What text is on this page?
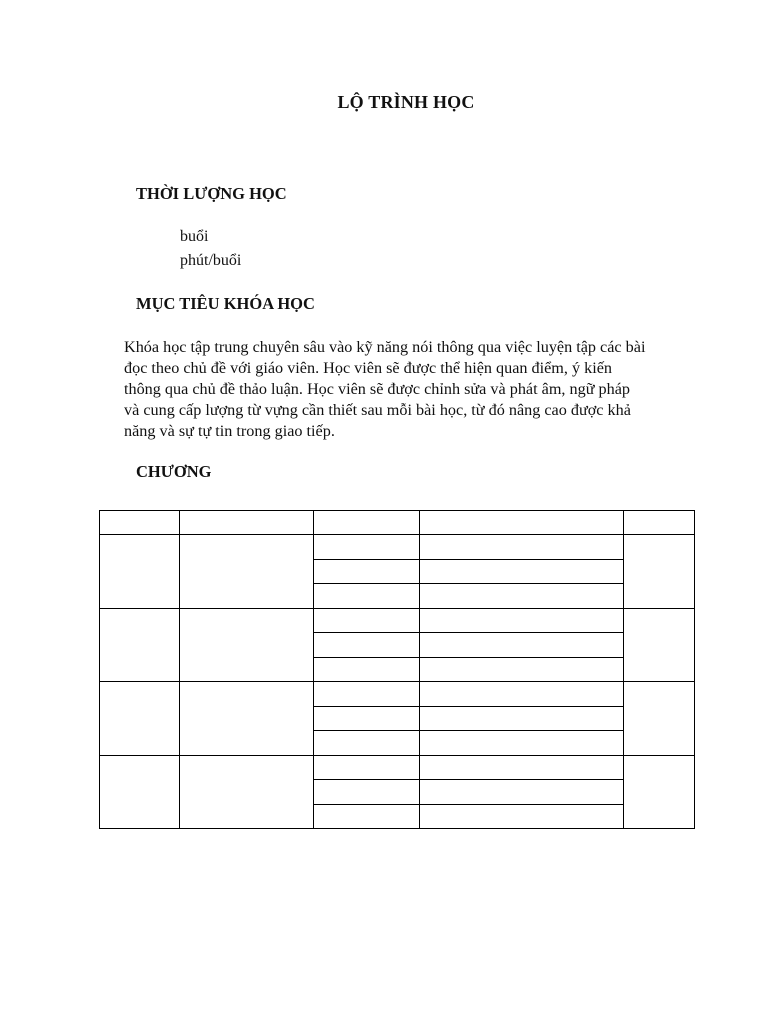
LỘ TRÌNH HỌC
THỜI LƯỢNG HỌC
buổi
phút/buổi
MỤC TIÊU KHÓA HỌC
Khóa học tập trung chuyên sâu vào kỹ năng nói thông qua việc luyện tập các bài
đọc theo chủ đề với giáo viên. Học viên sẽ được thể hiện quan điểm, ý kiến
thông qua chủ đề thảo luận. Học viên sẽ được chỉnh sửa và phát âm, ngữ pháp
và cung cấp lượng từ vựng cần thiết sau mỗi bài học, từ đó nâng cao được khả
năng và sự tự tin trong giao tiếp.
CHƯƠNG
